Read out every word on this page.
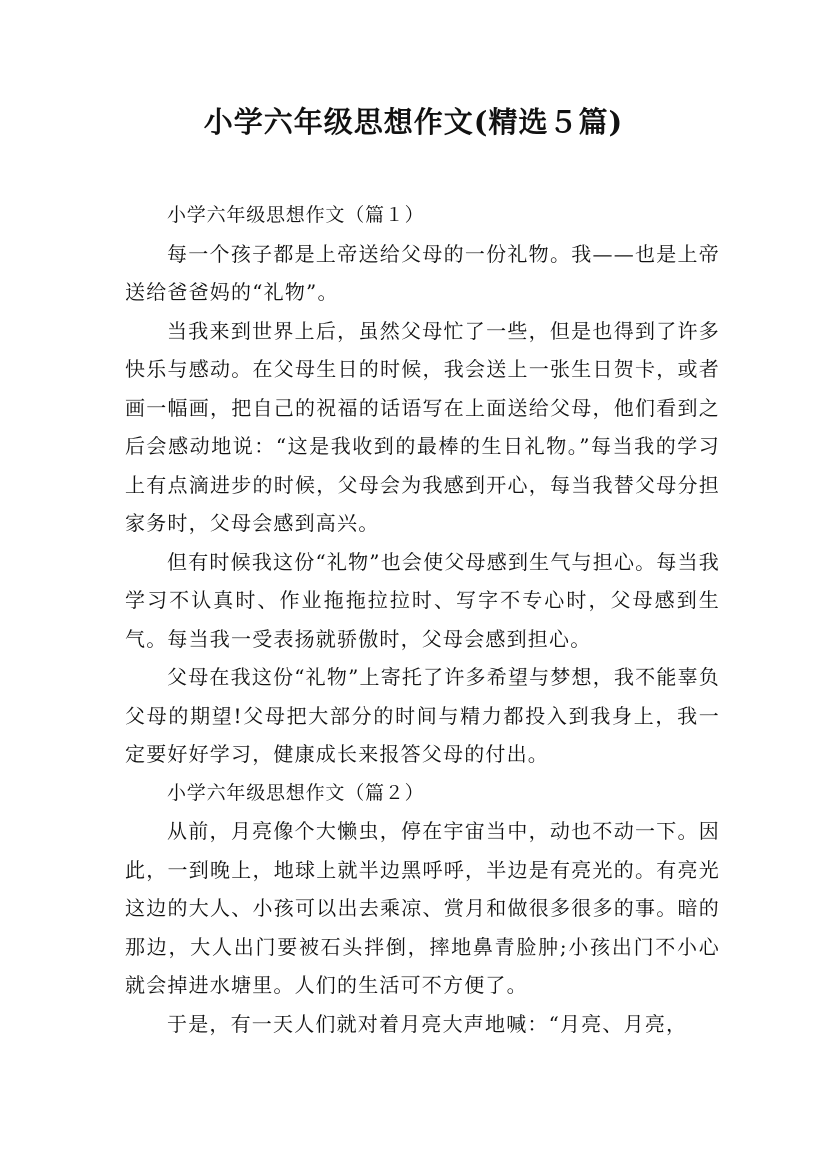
小学六年级思想作文(精选５篇)

小学六年级思想作文（篇１）

每一个孩子都是上帝送给父母的一份礼物。我——也是上帝送给爸爸妈的“礼物”。

当我来到世界上后，虽然父母忙了一些，但是也得到了许多快乐与感动。在父母生日的时候，我会送上一张生日贺卡，或者画一幅画，把自己的祝福的话语写在上面送给父母，他们看到之后会感动地说：“这是我收到的最棒的生日礼物。”每当我的学习上有点滴进步的时候，父母会为我感到开心，每当我替父母分担家务时，父母会感到高兴。

但有时候我这份“礼物”也会使父母感到生气与担心。每当我学习不认真时、作业拖拖拉拉时、写字不专心时，父母感到生气。每当我一受表扬就骄傲时，父母会感到担心。

父母在我这份“礼物”上寄托了许多希望与梦想，我不能辜负父母的期望!父母把大部分的时间与精力都投入到我身上，我一定要好好学习，健康成长来报答父母的付出。

小学六年级思想作文（篇２）

从前，月亮像个大懒虫，停在宇宙当中，动也不动一下。因此，一到晚上，地球上就半边黑呼呼，半边是有亮光的。有亮光这边的大人、小孩可以出去乘凉、赏月和做很多很多的事。暗的那边，大人出门要被石头拌倒，摔地鼻青脸肿;小孩出门不小心就会掉进水塘里。人们的生活可不方便了。

于是，有一天人们就对着月亮大声地喊：“月亮、月亮，
